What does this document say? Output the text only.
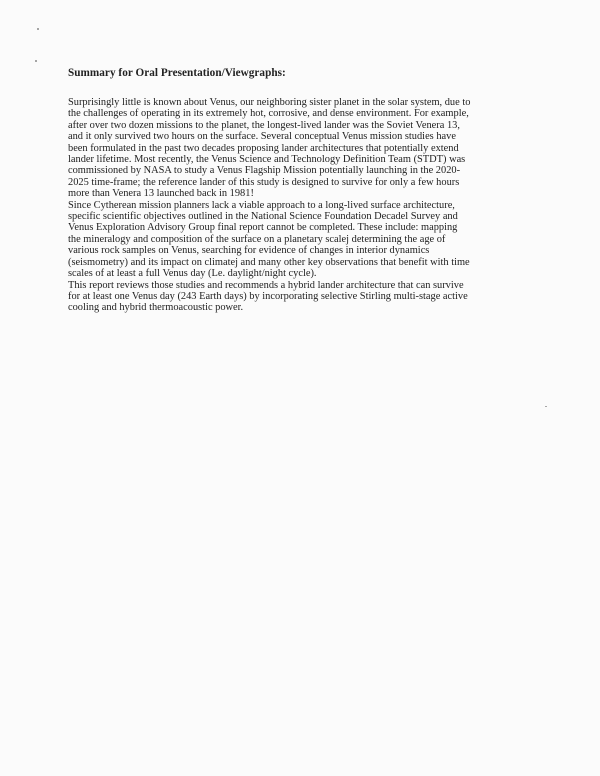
Summary for Oral Presentation/Viewgraphs:

Surprisingly little is known about Venus, our neighboring sister planet in the solar system, due to
the challenges of operating in its extremely hot, corrosive, and dense environment. For example,
after over two dozen missions to the planet, the longest-lived lander was the Soviet Venera 13,
and it only survived two hours on the surface. Several conceptual Venus mission studies have
been formulated in the past two decades proposing lander architectures that potentially extend
lander lifetime. Most recently, the Venus Science and Technology Definition Team (STDT) was
commissioned by NASA to study a Venus Flagship Mission potentially launching in the 2020-
2025 time-frame; the reference lander of this study is designed to survive for only a few hours
more than Venera 13 launched back in 1981!

Since Cytherean mission planners lack a viable approach to a long-lived surface architecture,
specific scientific objectives outlined in the National Science Foundation Decadel Survey and
Venus Exploration Advisory Group final report cannot be completed. These include: mapping
the mineralogy and composition of the surface on a planetary scalej determining the age of
various rock samples on Venus, searching for evidence of changes in interior dynamics
(seismometry) and its impact on climatej and many other key observations that benefit with time
scales of at least a full Venus day (Le. daylight/night cycle).

This report reviews those studies and recommends a hybrid lander architecture that can survive
for at least one Venus day (243 Earth days) by incorporating selective Stirling multi-stage active
cooling and hybrid thermoacoustic power.
